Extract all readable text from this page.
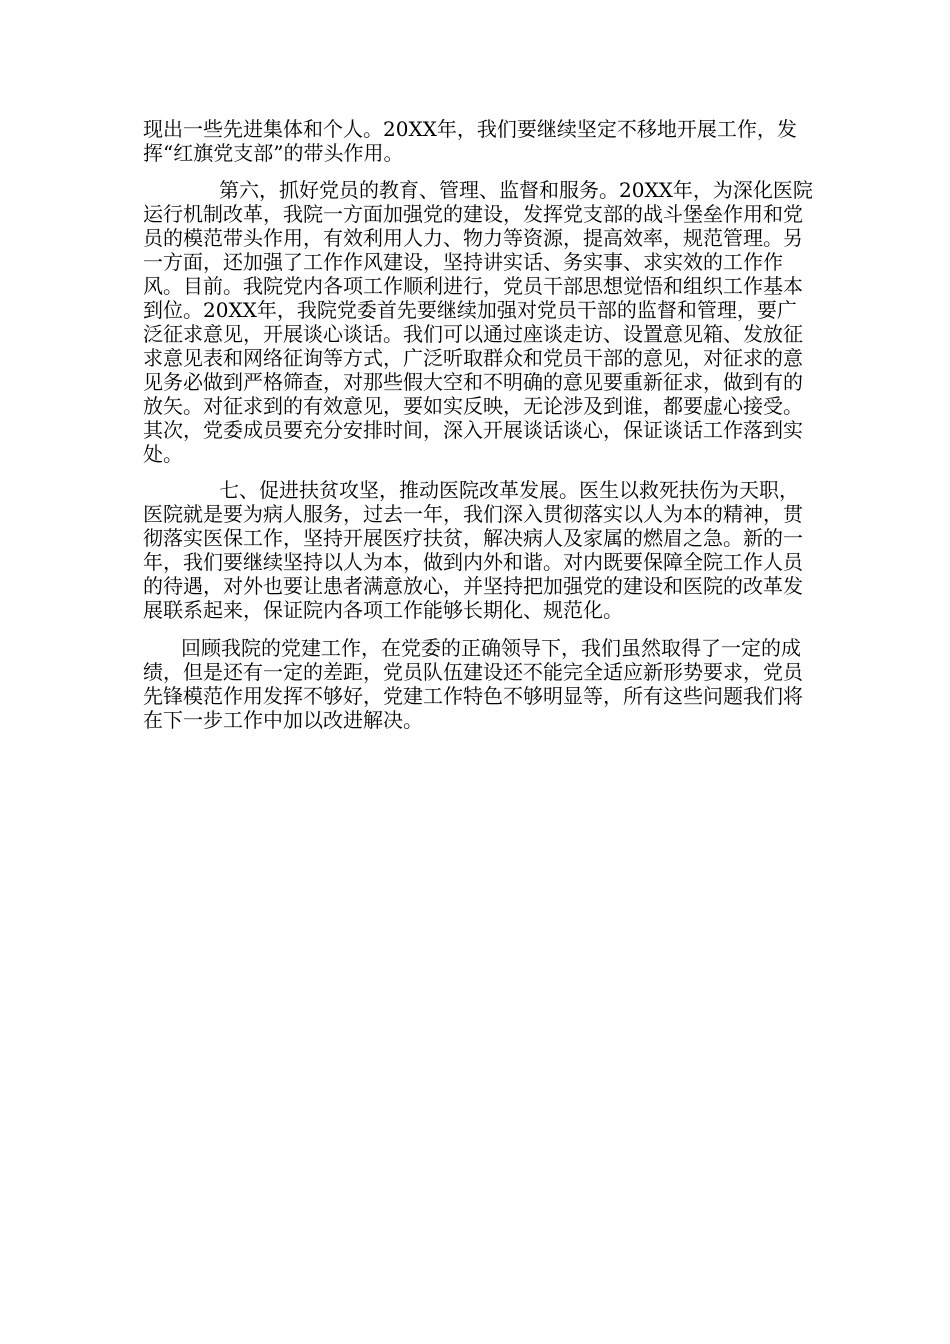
现出一些先进集体和个人。20XX年，我们要继续坚定不移地开展工作，发挥“红旗党支部”的带头作用。

第六，抓好党员的教育、管理、监督和服务。20XX年，为深化医院运行机制改革，我院一方面加强党的建设，发挥党支部的战斗堡垒作用和党员的模范带头作用，有效利用人力、物力等资源，提高效率，规范管理。另一方面，还加强了工作作风建设，坚持讲实话、务实事、求实效的工作作风。目前。我院党内各项工作顺利进行，党员干部思想觉悟和组织工作基本到位。20XX年，我院党委首先要继续加强对党员干部的监督和管理，要广泛征求意见，开展谈心谈话。我们可以通过座谈走访、设置意见箱、发放征求意见表和网络征询等方式，广泛听取群众和党员干部的意见，对征求的意见务必做到严格筛查，对那些假大空和不明确的意见要重新征求，做到有的放矢。对征求到的有效意见，要如实反映，无论涉及到谁，都要虚心接受。其次，党委成员要充分安排时间，深入开展谈话谈心，保证谈话工作落到实处。

七、促进扶贫攻坚，推动医院改革发展。医生以救死扶伤为天职，医院就是要为病人服务，过去一年，我们深入贯彻落实以人为本的精神，贯彻落实医保工作，坚持开展医疗扶贫，解决病人及家属的燃眉之急。新的一年，我们要继续坚持以人为本，做到内外和谐。对内既要保障全院工作人员的待遇，对外也要让患者满意放心，并坚持把加强党的建设和医院的改革发展联系起来，保证院内各项工作能够长期化、规范化。

回顾我院的党建工作，在党委的正确领导下，我们虽然取得了一定的成绩，但是还有一定的差距，党员队伍建设还不能完全适应新形势要求，党员先锋模范作用发挥不够好，党建工作特色不够明显等，所有这些问题我们将在下一步工作中加以改进解决。
